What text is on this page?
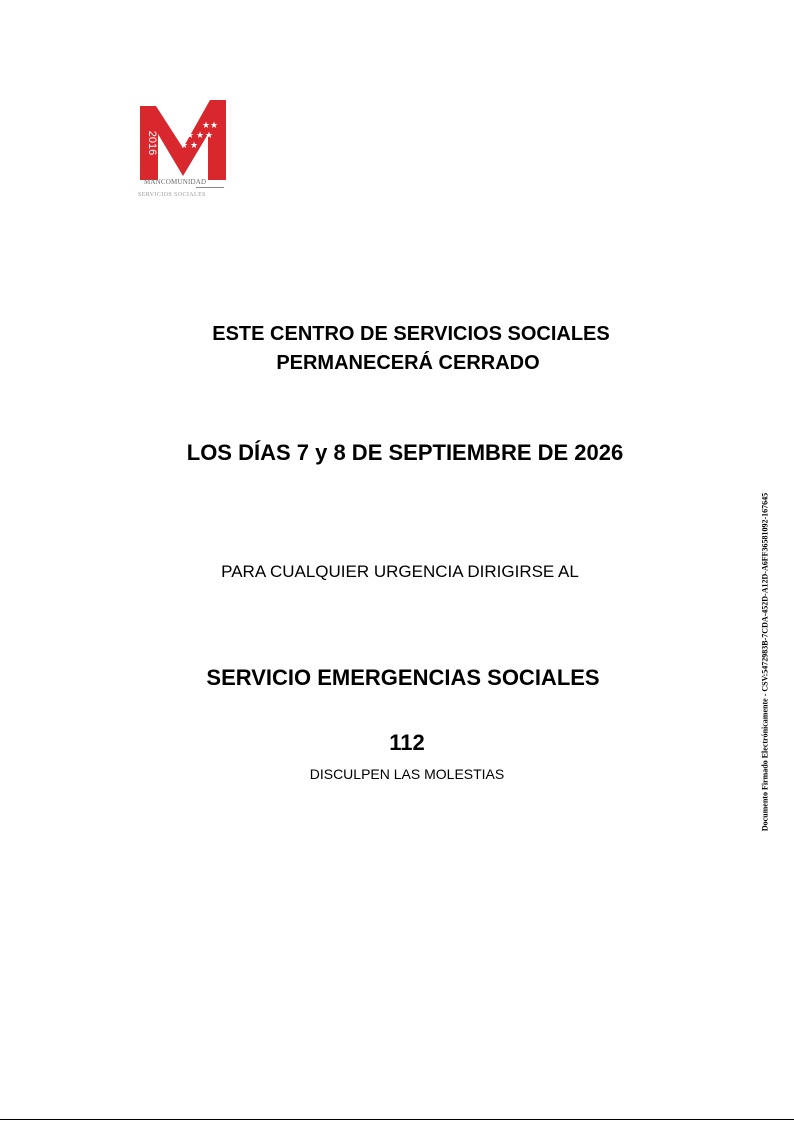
2016
★ ★
★ ★ ★
★ ★
MANCOMUNIDAD
SERVICIOS SOCIALES
ESTE CENTRO DE SERVICIOS SOCIALES
PERMANECERÁ CERRADO
LOS DÍAS 7 y 8 DE SEPTIEMBRE DE 2026
PARA CUALQUIER URGENCIA DIRIGIRSE AL
SERVICIO EMERGENCIAS SOCIALES
112
DISCULPEN LAS MOLESTIAS	Documento Firmado Electrónicamente - CSV:5472983B-7CDA-452D-A12D-A6FF36581092-167645
